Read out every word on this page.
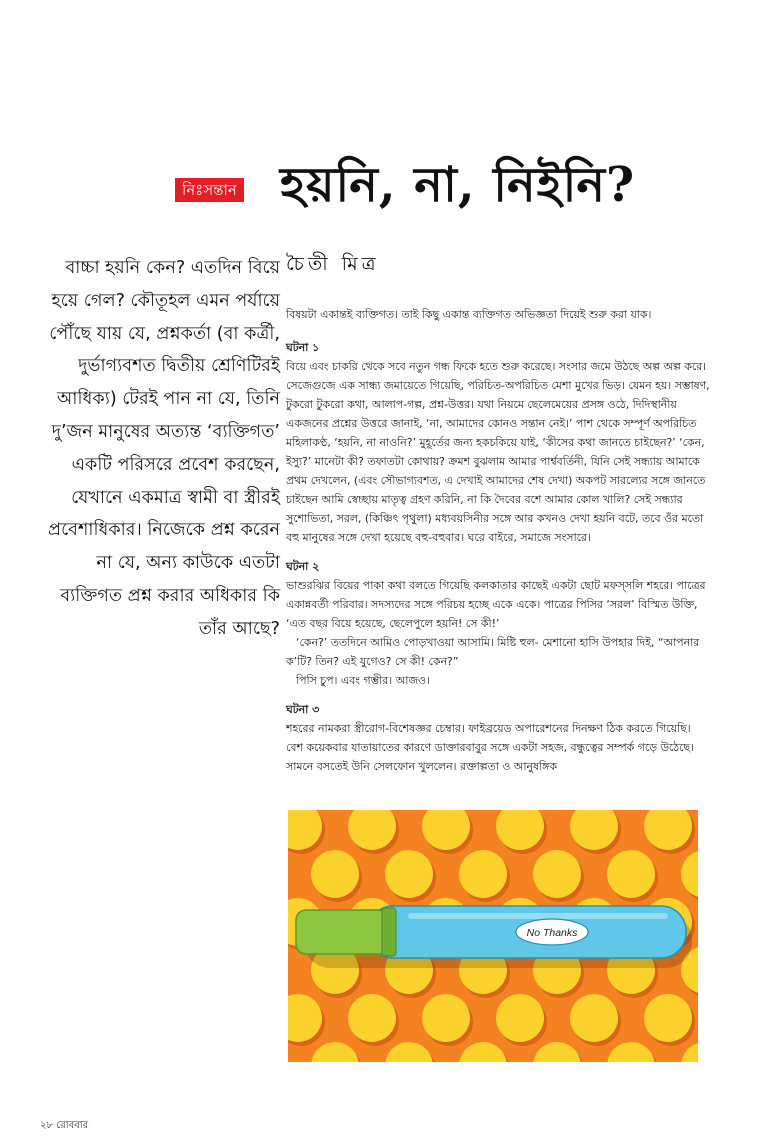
নিঃসন্তান হয়নি, না, নিইনি?

বাচ্চা হয়নি কেন? এতদিন বিয়ে হয়ে গেল? কৌতূহল এমন পর্যায়ে পৌঁছে যায় যে, প্রশ্নকর্তা (বা কর্ত্রী, দুর্ভাগ্যবশত দ্বিতীয় শ্রেণিটিরই আধিক্য) টেরই পান না যে, তিনি দু’জন মানুষের অত্যন্ত ‘ব্যক্তিগত’ একটি পরিসরে প্রবেশ করছেন, যেখানে একমাত্র স্বামী বা স্ত্রীরই প্রবেশাধিকার। নিজেকে প্রশ্ন করেন না যে, অন্য কাউকে এতটা ব্যক্তিগত প্রশ্ন করার অধিকার কি তাঁর আছে?

চৈতী মিত্র

বিষয়টা একান্তই ব্যক্তিগত। তাই কিছু একান্ত ব্যক্তিগত অভিজ্ঞতা দিয়েই শুরু করা যাক।

ঘটনা ১

বিয়ে এবং চাকরি থেকে সবে নতুন গন্ধ ফিকে হতে শুরু করেছে। সংসার জমে উঠছে অল্প অল্প করে। সেজেগুজে এক সান্ধ্য জমায়েতে গিয়েছি, পরিচিত-অপরিচিত মেশা মুখের ভিড়। যেমন হয়। সম্ভাষণ, টুকরো টুকরো কথা, আলাপ-গল্প, প্রশ্ন-উত্তর। যথা নিয়মে ছেলেমেয়ের প্রসঙ্গ ওঠে, দিদিস্থানীয় একজনের প্রশ্নের উত্তরে জানাই, ‘না, আমাদের কোনও সন্তান নেই।’ পাশ থেকে সম্পূর্ণ অপরিচিত মহিলাকণ্ঠ, ‘হয়নি, না নাওনি?’ মুহূর্তের জন্য হকচকিয়ে যাই, ‘কীসের কথা জানতে চাইছেন?’ ‘কেন, ইস্যু?’ মানেটা কী? তফাতটা কোথায়? ক্রমশ বুঝলাম আমার পার্শ্ববর্তিনী, যিনি সেই সন্ধ্যায় আমাকে প্রথম দেখলেন, (এবং সৌভাগ্যবশত, এ দেখাই আমাদের শেষ দেখা) অকপট সারল্যের সঙ্গে জানতে চাইছেন আমি স্বেচ্ছায় মাতৃত্ব গ্রহণ করিনি, না কি দৈবের বশে আমার কোল খালি? সেই সন্ধ্যার সুশোভিতা, সরল, (কিঞ্চিৎ পৃথুলা) মধ্যবয়সিনীর সঙ্গে আর কখনও দেখা হয়নি বটে, তবে ওঁর মতো বহু মানুষের সঙ্গে দেখা হয়েছে বহু-বহুবার। ঘরে বাইরে, সমাজে সংসারে।

ঘটনা ২

ভাশুরঝির বিয়ের পাকা কথা বলতে গিয়েছি কলকাতার কাছেই একটা ছোট মফস্সলি শহরে। পাত্রের একান্নবর্তী পরিবার। সদস্যদের সঙ্গে পরিচয় হচ্ছে একে একে। পাত্রের পিসির ‘সরল’ বিস্মিত উক্তি, ‘এত বছর বিয়ে হয়েছে, ছেলেপুলে হয়নি! সে কী!’

‘কেন?’ ততদিনে আমিও পোড়খাওয়া আসামি। মিষ্টি হুল- মেশানো হাসি উপহার দিই, “আপনার ক’টি? তিন? এই যুগেও? সে কী! কেন?”

পিসি চুপ। এবং গম্ভীর। আজও।

ঘটনা ৩

শহরের নামকরা স্ত্রীরোগ-বিশেষজ্ঞর চেম্বার। ফাইব্রয়েড অপারেশনের দিনক্ষণ ঠিক করতে গিয়েছি। বেশ কয়েকবার যাতায়াতের কারণে ডাক্তারবাবুর সঙ্গে একটা সহজ, বন্ধুত্বের সম্পর্ক গড়ে উঠেছে। সামনে বসতেই উনি সেলফোন খুললেন। রক্তাল্পতা ও আনুষঙ্গিক

No Thanks
২৮ রোববার
